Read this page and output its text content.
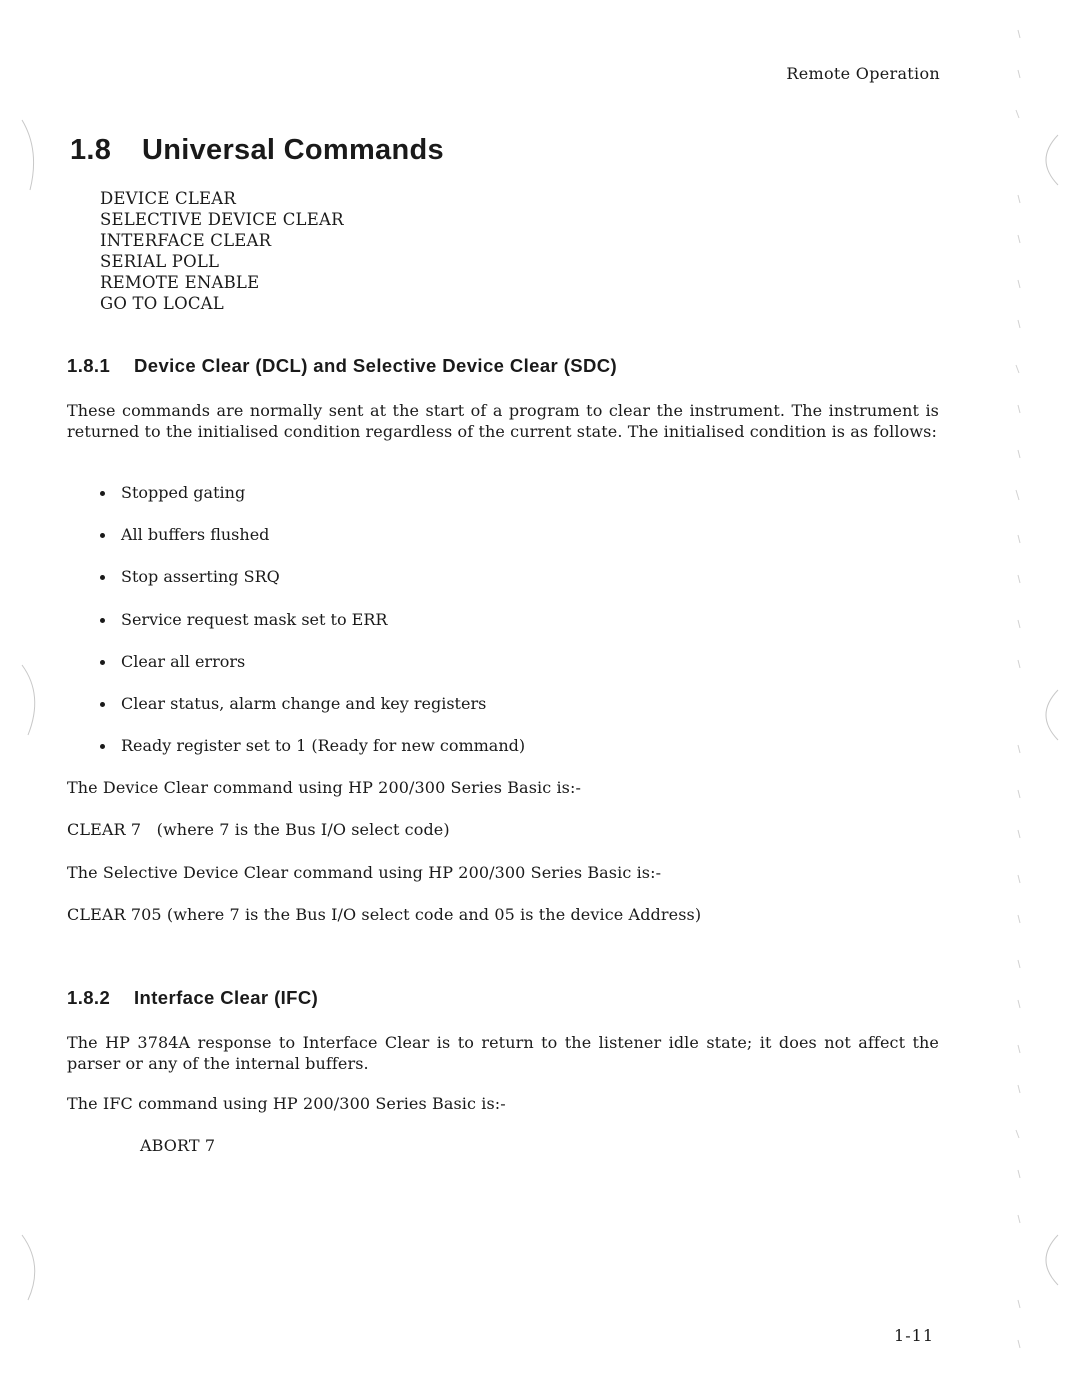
Remote Operation
1.8 Universal Commands
DEVICE CLEAR
SELECTIVE DEVICE CLEAR
INTERFACE CLEAR
SERIAL POLL
REMOTE ENABLE
GO TO LOCAL
1.8.1 Device Clear (DCL) and Selective Device Clear (SDC)

These commands are normally sent at the start of a program to clear the instrument. The instrument is returned to the initialised condition regardless of the current state. The initialised condition is as follows:

Stopped gating
All buffers flushed
Stop asserting SRQ
Service request mask set to ERR
Clear all errors
Clear status, alarm change and key registers
Ready register set to 1 (Ready for new command)

The Device Clear command using HP 200/300 Series Basic is:-

CLEAR 7   (where 7 is the Bus I/O select code)

The Selective Device Clear command using HP 200/300 Series Basic is:-

CLEAR 705 (where 7 is the Bus I/O select code and 05 is the device Address)

1.8.2 Interface Clear (IFC)

The HP 3784A response to Interface Clear is to return to the listener idle state; it does not affect the parser or any of the internal buffers.

The IFC command using HP 200/300 Series Basic is:-

ABORT 7

1-11
